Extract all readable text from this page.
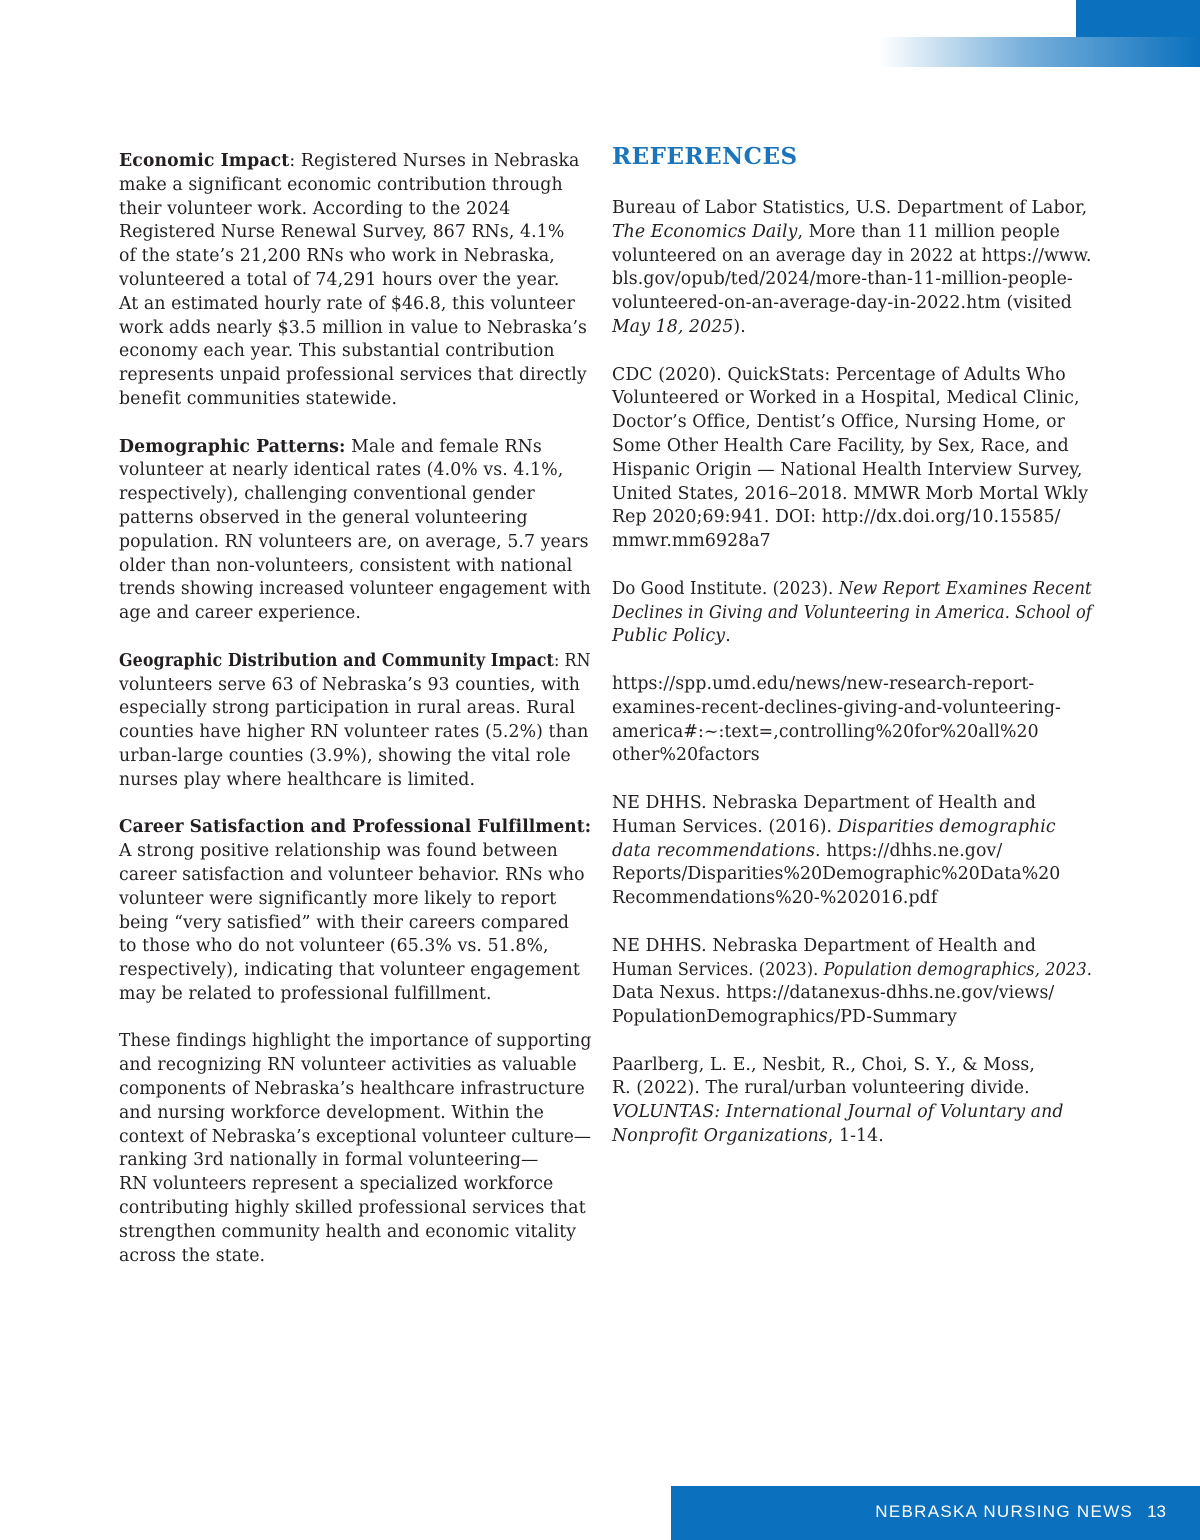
Economic Impact: Registered Nurses in Nebraska
make a significant economic contribution through
their volunteer work. According to the 2024
Registered Nurse Renewal Survey, 867 RNs, 4.1%
of the state’s 21,200 RNs who work in Nebraska,
volunteered a total of 74,291 hours over the year.
At an estimated hourly rate of $46.8, this volunteer
work adds nearly $3.5 million in value to Nebraska’s
economy each year. This substantial contribution
represents unpaid professional services that directly
benefit communities statewide.
Demographic Patterns: Male and female RNs
volunteer at nearly identical rates (4.0% vs. 4.1%,
respectively), challenging conventional gender
patterns observed in the general volunteering
population. RN volunteers are, on average, 5.7 years
older than non-volunteers, consistent with national
trends showing increased volunteer engagement with
age and career experience.
Geographic Distribution and Community Impact: RN
volunteers serve 63 of Nebraska’s 93 counties, with
especially strong participation in rural areas. Rural
counties have higher RN volunteer rates (5.2%) than
urban-large counties (3.9%), showing the vital role
nurses play where healthcare is limited.
Career Satisfaction and Professional Fulfillment:
A strong positive relationship was found between
career satisfaction and volunteer behavior. RNs who
volunteer were significantly more likely to report
being “very satisfied” with their careers compared
to those who do not volunteer (65.3% vs. 51.8%,
respectively), indicating that volunteer engagement
may be related to professional fulfillment.
These findings highlight the importance of supporting
and recognizing RN volunteer activities as valuable
components of Nebraska’s healthcare infrastructure
and nursing workforce development. Within the
context of Nebraska’s exceptional volunteer culture—
ranking 3rd nationally in formal volunteering—
RN volunteers represent a specialized workforce
contributing highly skilled professional services that
strengthen community health and economic vitality
across the state.
REFERENCES
Bureau of Labor Statistics, U.S. Department of Labor,
The Economics Daily, More than 11 million people
volunteered on an average day in 2022 at https://www.
bls.gov/opub/ted/2024/more-than-11-million-people-
volunteered-on-an-average-day-in-2022.htm (visited
May 18, 2025).
CDC (2020). QuickStats: Percentage of Adults Who
Volunteered or Worked in a Hospital, Medical Clinic,
Doctor’s Office, Dentist’s Office, Nursing Home, or
Some Other Health Care Facility, by Sex, Race, and
Hispanic Origin — National Health Interview Survey,
United States, 2016–2018. MMWR Morb Mortal Wkly
Rep 2020;69:941. DOI: http://dx.doi.org/10.15585/
mmwr.mm6928a7
Do Good Institute. (2023). New Report Examines Recent
Declines in Giving and Volunteering in America. School of
Public Policy.
https://spp.umd.edu/news/new-research-report-
examines-recent-declines-giving-and-volunteering-
america#:~:text=,controlling%20for%20all%20
other%20factors
NE DHHS. Nebraska Department of Health and
Human Services. (2016). Disparities demographic
data recommendations. https://dhhs.ne.gov/
Reports/Disparities%20Demographic%20Data%20
Recommendations%20-%202016.pdf
NE DHHS. Nebraska Department of Health and
Human Services. (2023). Population demographics, 2023.
Data Nexus. https://datanexus-dhhs.ne.gov/views/
PopulationDemographics/PD-Summary
Paarlberg, L. E., Nesbit, R., Choi, S. Y., & Moss,
R. (2022). The rural/urban volunteering divide.
VOLUNTAS: International Journal of Voluntary and
Nonprofit Organizations, 1-14.
NEBRASKA NURSING NEWS 13
